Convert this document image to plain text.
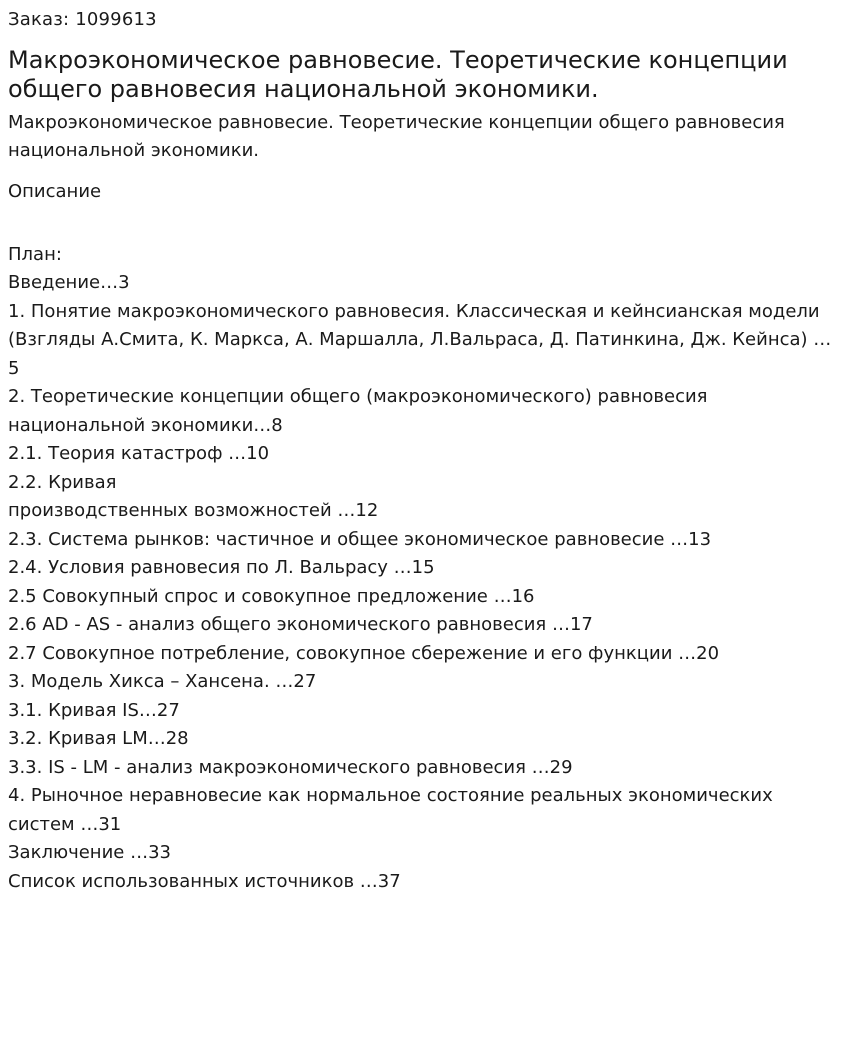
Заказ: 1099613
Макроэкономическое равновесие. Теоретические концепции общего равновесия национальной экономики.
Макроэкономическое равновесие. Теоретические концепции общего равновесия национальной экономики.
Описание
План:
Введение…3
1. Понятие макроэкономического равновесия. Классическая и кейнсианская модели (Взгляды А.Смита, К. Маркса, А. Маршалла, Л.Вальраса, Д. Патинкина, Дж. Кейнса) …5
2. Теоретические концепции общего (макроэкономического) равновесия национальной экономики…8
2.1. Теория катастроф …10
2.2. Кривая
производственных возможностей …12
2.3. Система рынков: частичное и общее экономическое равновесие …13
2.4. Условия равновесия по Л. Вальрасу …15
2.5 Совокупный спрос и совокупное предложение …16
2.6 AD - AS - анализ общего экономического равновесия …17
2.7 Совокупное потребление, совокупное сбережение и его функции …20
3. Модель Хикса – Хансена. …27
3.1. Кривая IS…27
3.2. Кривая LM…28
3.3. IS - LM - анализ макроэкономического равновесия …29
4. Рыночное неравновесие как нормальное состояние реальных экономических систем …31
Заключение …33
Список использованных источников …37
